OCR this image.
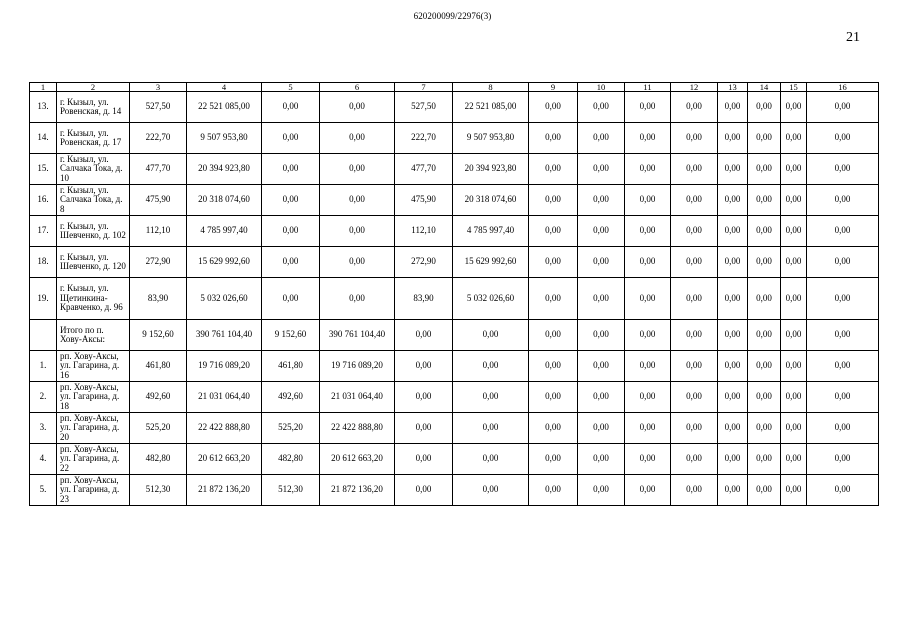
620200099/22976(3)
21
1	2	3	4	5	6	7	8	9	10	11	12	13	14	15	16
13.	г. Кызыл, ул. Ровенская, д. 14	527,50	22 521 085,00	0,00	0,00	527,50	22 521 085,00	0,00	0,00	0,00	0,00	0,00	0,00	0,00	0,00
14.	г. Кызыл, ул. Ровенская, д. 17	222,70	9 507 953,80	0,00	0,00	222,70	9 507 953,80	0,00	0,00	0,00	0,00	0,00	0,00	0,00	0,00
15.	г. Кызыл, ул. Салчака Тока, д. 10	477,70	20 394 923,80	0,00	0,00	477,70	20 394 923,80	0,00	0,00	0,00	0,00	0,00	0,00	0,00	0,00
16.	г. Кызыл, ул. Салчака Тока, д. 8	475,90	20 318 074,60	0,00	0,00	475,90	20 318 074,60	0,00	0,00	0,00	0,00	0,00	0,00	0,00	0,00
17.	г. Кызыл, ул. Шевченко, д. 102	112,10	4 785 997,40	0,00	0,00	112,10	4 785 997,40	0,00	0,00	0,00	0,00	0,00	0,00	0,00	0,00
18.	г. Кызыл, ул. Шевченко, д. 120	272,90	15 629 992,60	0,00	0,00	272,90	15 629 992,60	0,00	0,00	0,00	0,00	0,00	0,00	0,00	0,00
19.	г. Кызыл, ул. Щетинкина-Кравченко, д. 96	83,90	5 032 026,60	0,00	0,00	83,90	5 032 026,60	0,00	0,00	0,00	0,00	0,00	0,00	0,00	0,00
	Итого по п. Хову-Аксы:	9 152,60	390 761 104,40	9 152,60	390 761 104,40	0,00	0,00	0,00	0,00	0,00	0,00	0,00	0,00	0,00	0,00
1.	рп. Хову-Аксы, ул. Гагарина, д. 16	461,80	19 716 089,20	461,80	19 716 089,20	0,00	0,00	0,00	0,00	0,00	0,00	0,00	0,00	0,00	0,00
2.	рп. Хову-Аксы, ул. Гагарина, д. 18	492,60	21 031 064,40	492,60	21 031 064,40	0,00	0,00	0,00	0,00	0,00	0,00	0,00	0,00	0,00	0,00
3.	рп. Хову-Аксы, ул. Гагарина, д. 20	525,20	22 422 888,80	525,20	22 422 888,80	0,00	0,00	0,00	0,00	0,00	0,00	0,00	0,00	0,00	0,00
4.	рп. Хову-Аксы, ул. Гагарина, д. 22	482,80	20 612 663,20	482,80	20 612 663,20	0,00	0,00	0,00	0,00	0,00	0,00	0,00	0,00	0,00	0,00
5.	рп. Хову-Аксы, ул. Гагарина, д. 23	512,30	21 872 136,20	512,30	21 872 136,20	0,00	0,00	0,00	0,00	0,00	0,00	0,00	0,00	0,00	0,00
